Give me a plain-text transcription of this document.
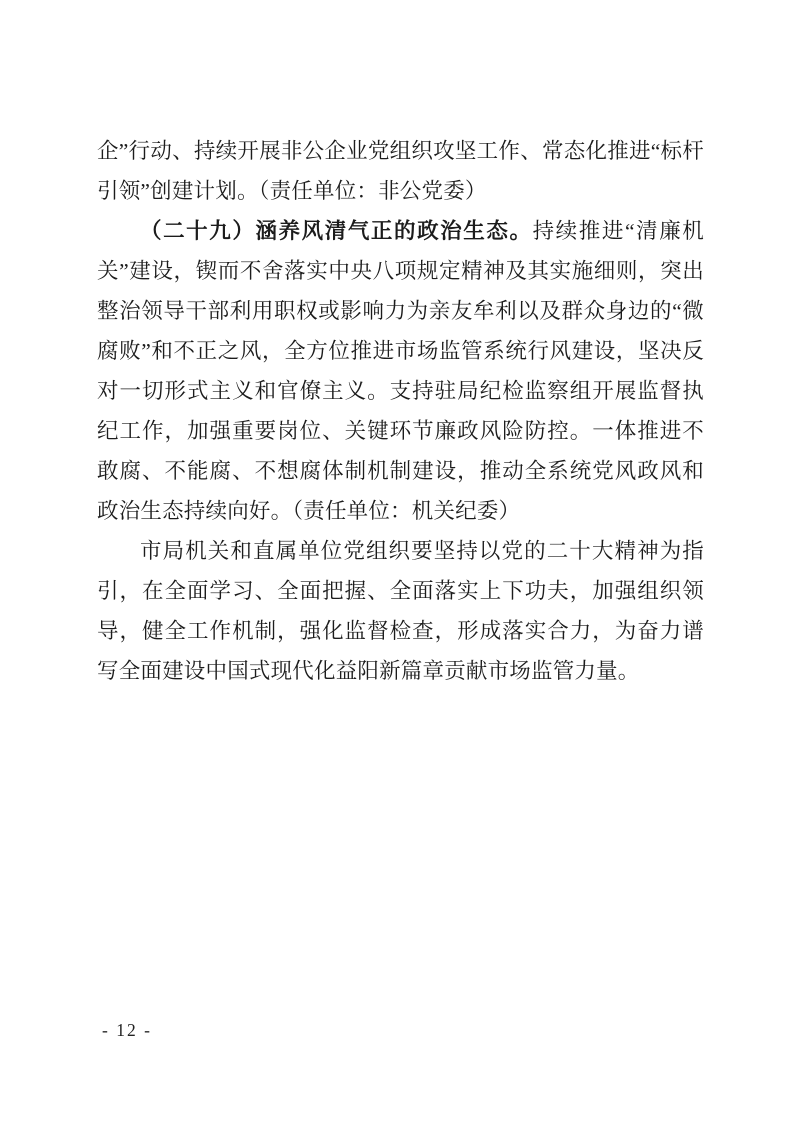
企”行动、持续开展非公企业党组织攻坚工作、常态化推进“标杆引领”创建计划。（责任单位：非公党委）

（二十九）涵养风清气正的政治生态。持续推进“清廉机关”建设，锲而不舍落实中央八项规定精神及其实施细则，突出整治领导干部利用职权或影响力为亲友牟利以及群众身边的“微腐败”和不正之风，全方位推进市场监管系统行风建设，坚决反对一切形式主义和官僚主义。支持驻局纪检监察组开展监督执纪工作，加强重要岗位、关键环节廉政风险防控。一体推进不敢腐、不能腐、不想腐体制机制建设，推动全系统党风政风和政治生态持续向好。（责任单位：机关纪委）

市局机关和直属单位党组织要坚持以党的二十大精神为指引，在全面学习、全面把握、全面落实上下功夫，加强组织领导，健全工作机制，强化监督检查，形成落实合力，为奋力谱写全面建设中国式现代化益阳新篇章贡献市场监管力量。

- 12 -
